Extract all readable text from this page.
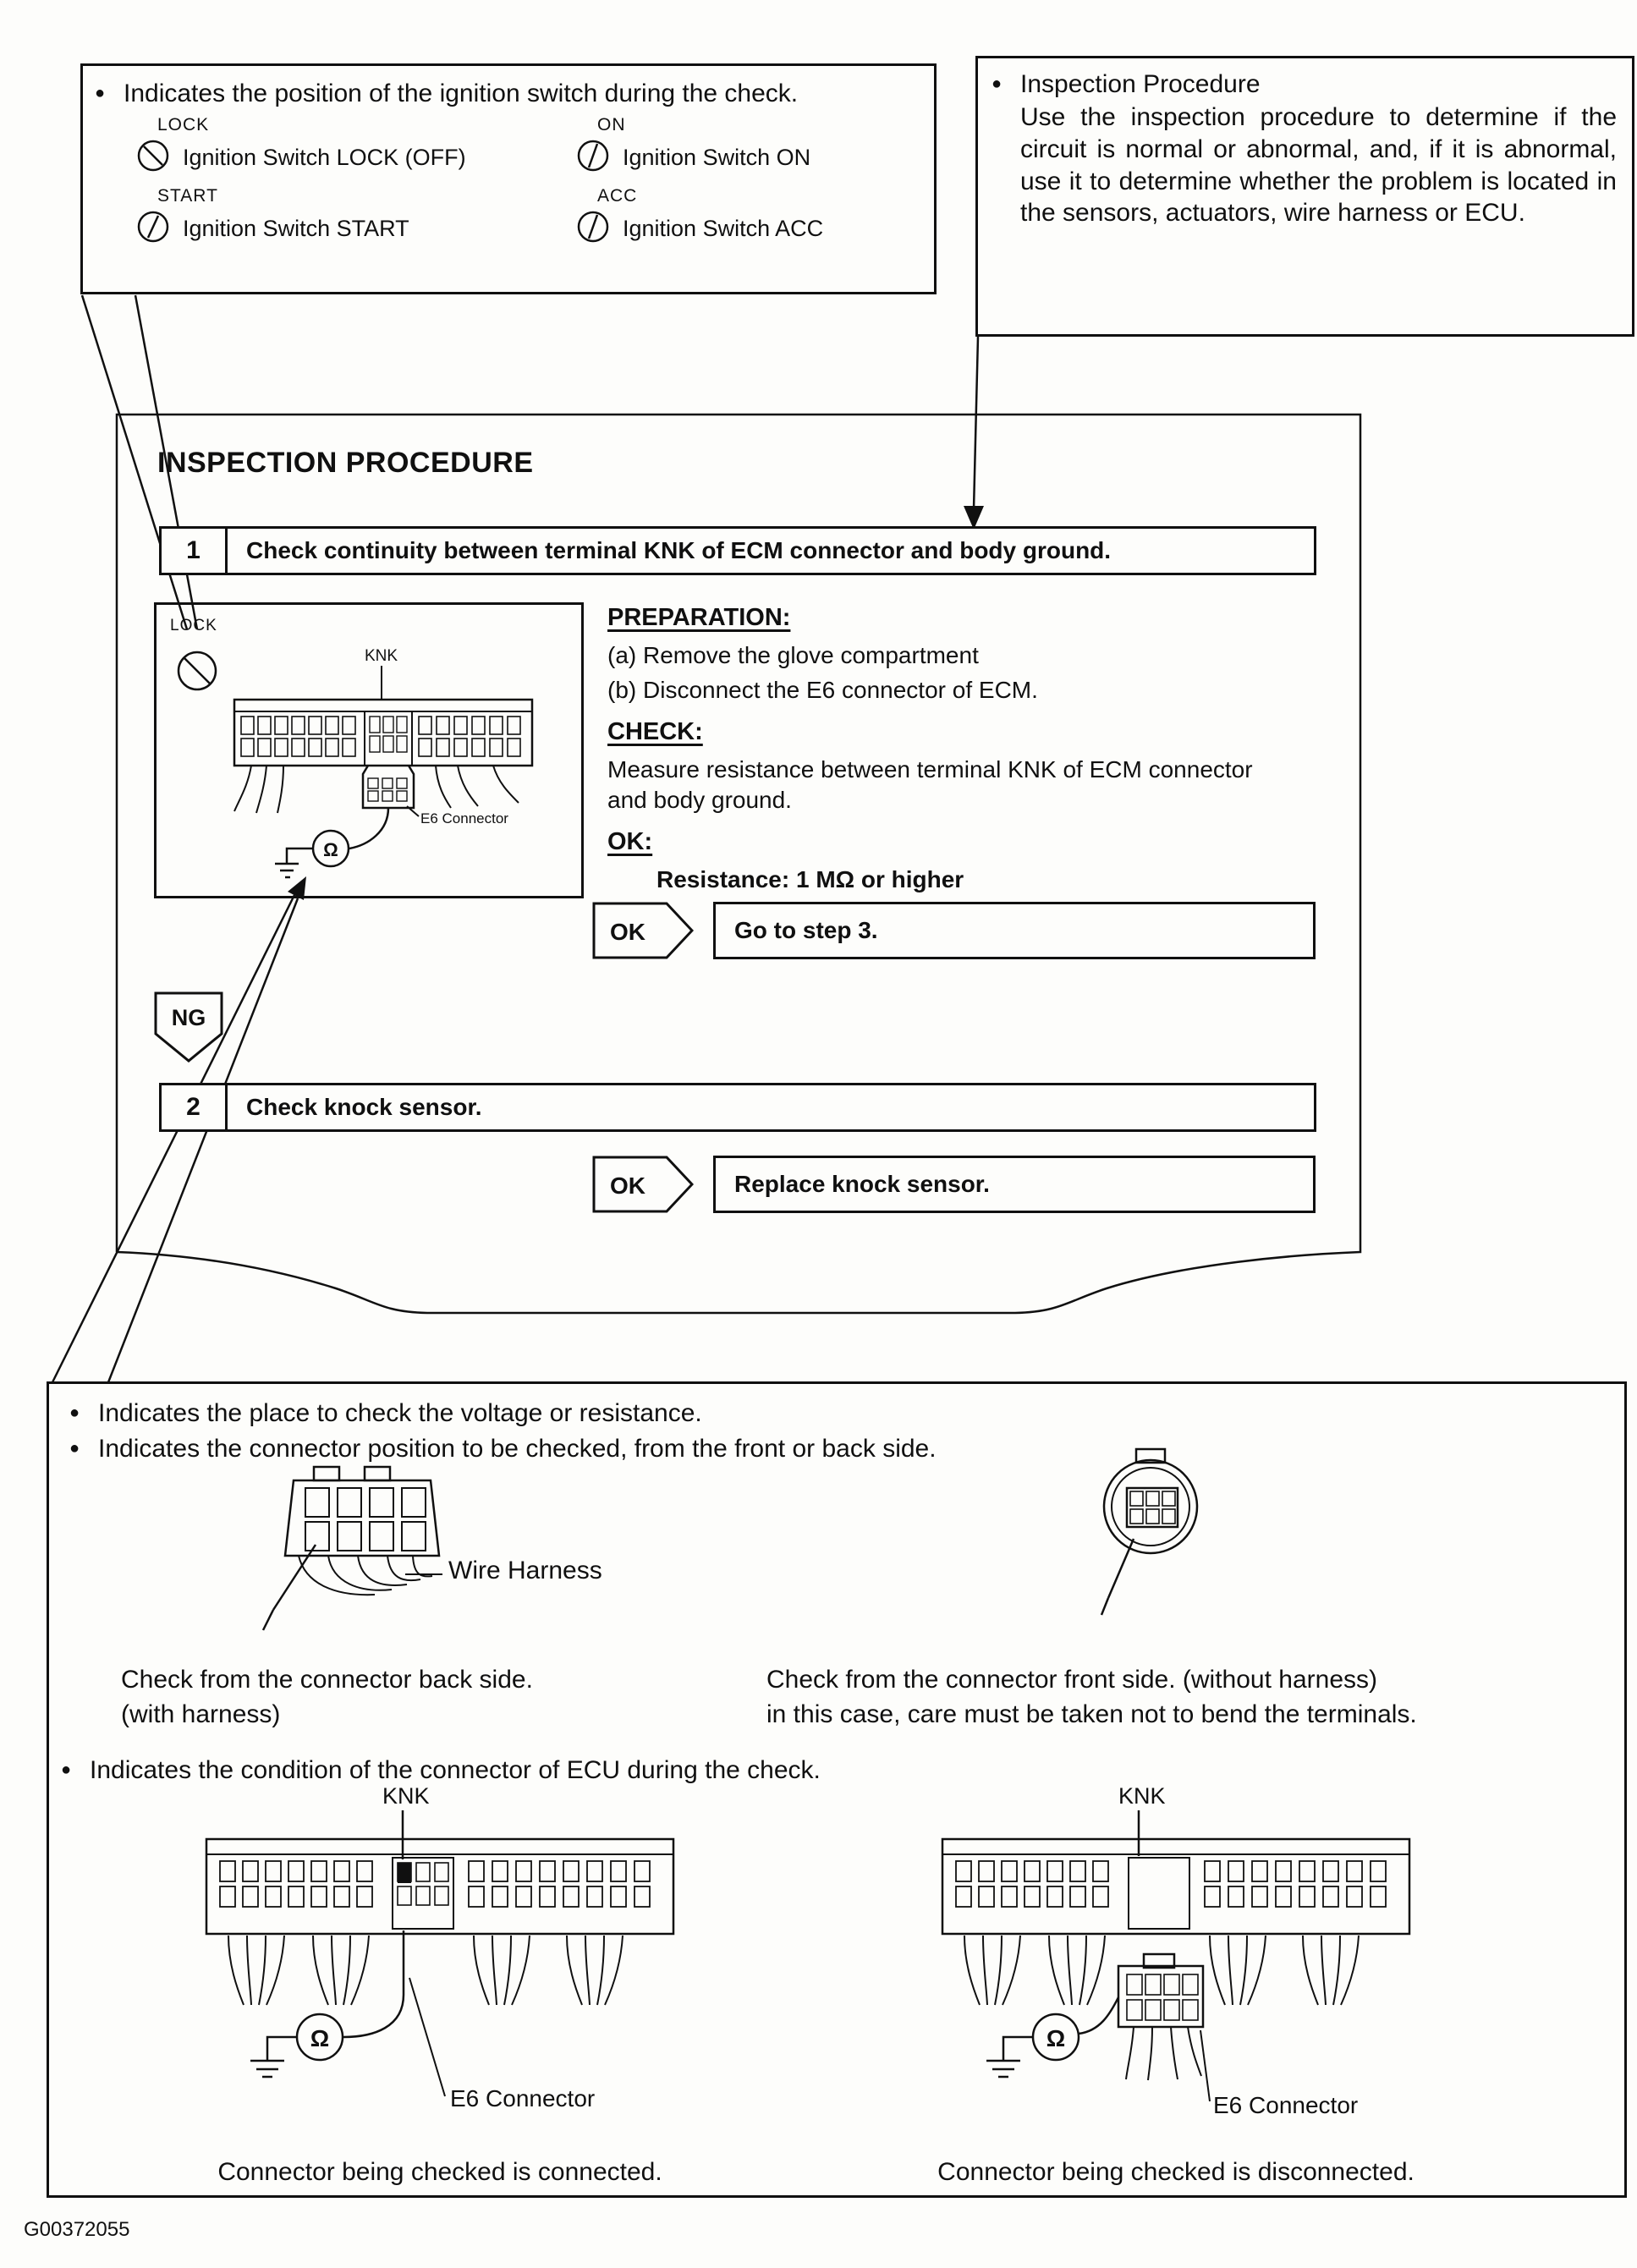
● Indicates the position of the ignition switch during the check.
LOCK
Ignition Switch LOCK (OFF)
ON
Ignition Switch ON
START
Ignition Switch START
ACC
Ignition Switch ACC
● Inspection Procedure
Use the inspection procedure to determine if the circuit is normal or abnormal, and, if it is abnormal, use it to determine whether the problem is located in the sensors, actuators, wire harness or ECU.
INSPECTION PROCEDURE
1	Check continuity between terminal KNK of ECM connector and body ground.
LOCK
KNK
E6 Connector
Ω
PREPARATION:
(a) Remove the glove compartment
(b) Disconnect the E6 connector of ECM.
CHECK:
Measure resistance between terminal KNK of ECM connector and body ground.
OK:
Resistance: 1 MΩ or higher
OK	Go to step 3.
NG
2	Check knock sensor.
OK	Replace knock sensor.
● Indicates the place to check the voltage or resistance.
● Indicates the connector position to be checked, from the front or back side.
Wire Harness
Check from the connector back side.
(with harness)
Check from the connector front side. (without harness)
in this case, care must be taken not to bend the terminals.
● Indicates the condition of the connector of ECU during the check.
KNK
Ω
E6 Connector
KNK
Ω
E6 Connector
Connector being checked is connected.	Connector being checked is disconnected.
G00372055
